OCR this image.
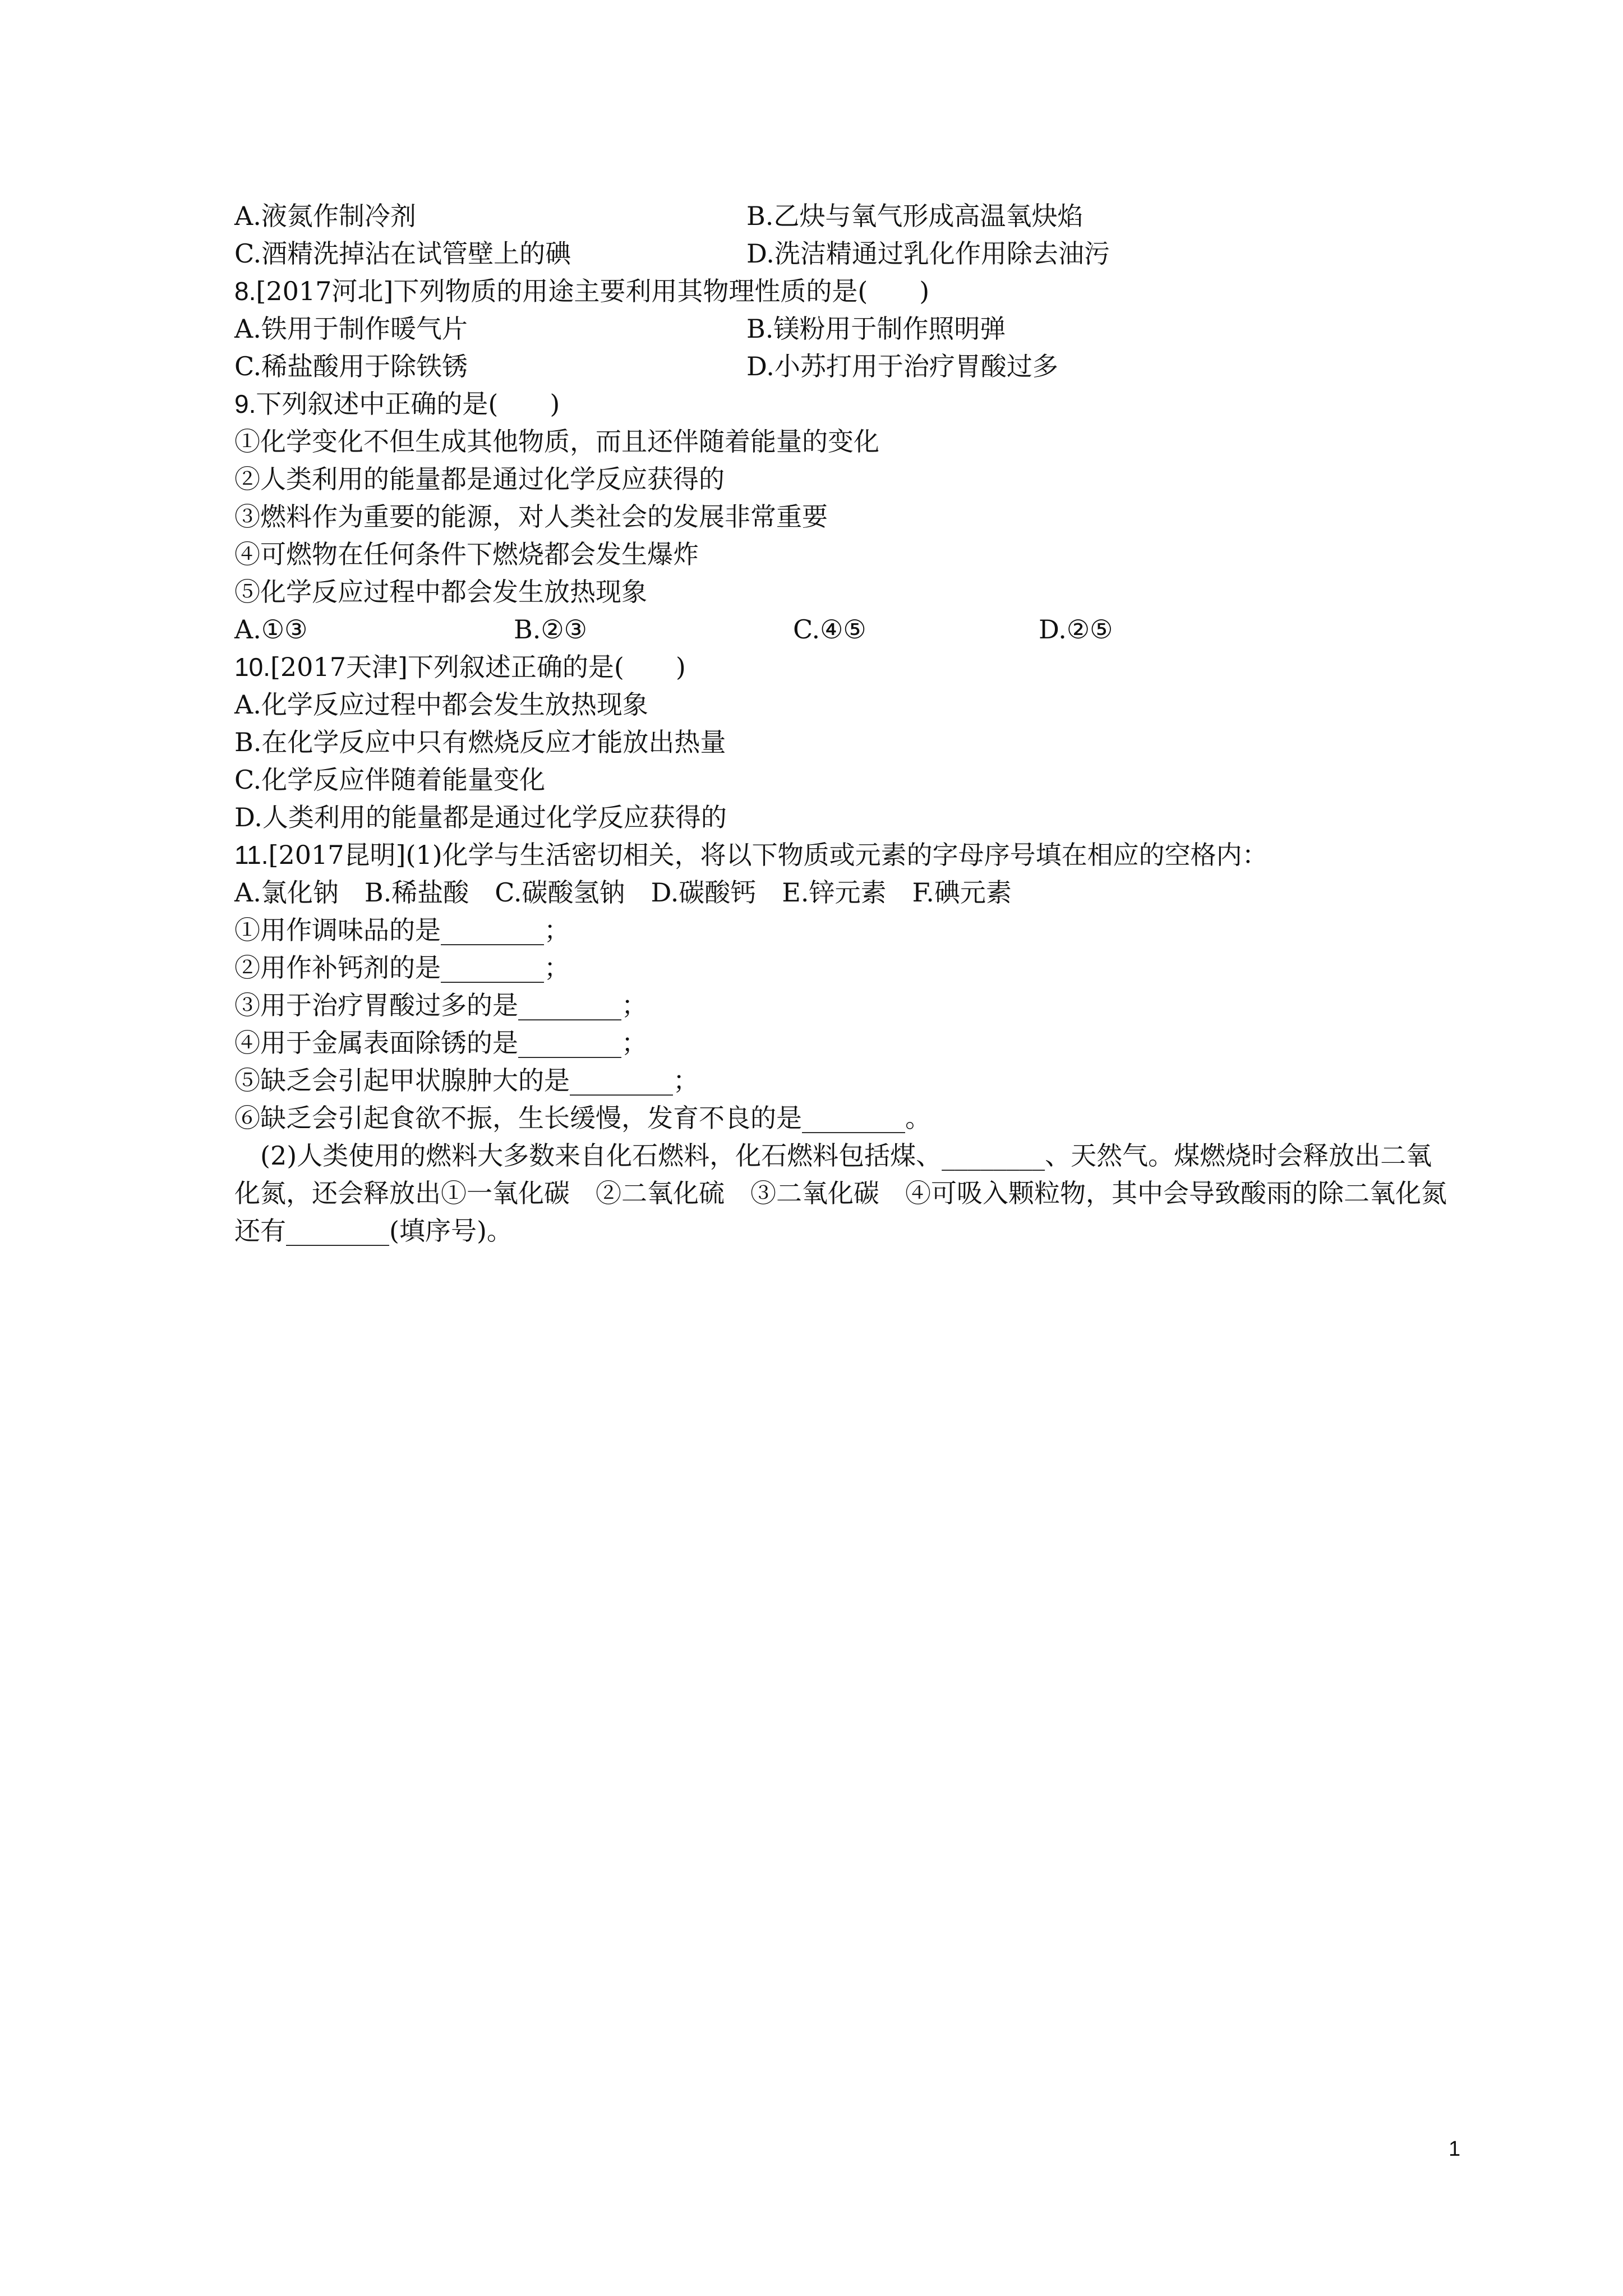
A.液氮作制冷剂	B.乙炔与氧气形成高温氧炔焰
C.酒精洗掉沾在试管壁上的碘	D.洗洁精通过乳化作用除去油污
8.[2017河北]下列物质的用途主要利用其物理性质的是(　　)
A.铁用于制作暖气片	B.镁粉用于制作照明弹
C.稀盐酸用于除铁锈	D.小苏打用于治疗胃酸过多
9.下列叙述中正确的是(　　)
①化学变化不但生成其他物质，而且还伴随着能量的变化
②人类利用的能量都是通过化学反应获得的
③燃料作为重要的能源，对人类社会的发展非常重要
④可燃物在任何条件下燃烧都会发生爆炸
⑤化学反应过程中都会发生放热现象
A.①③	B.②③	C.④⑤	D.②⑤
10.[2017天津]下列叙述正确的是(　　)
A.化学反应过程中都会发生放热现象
B.在化学反应中只有燃烧反应才能放出热量
C.化学反应伴随着能量变化
D.人类利用的能量都是通过化学反应获得的
11.[2017昆明](1)化学与生活密切相关，将以下物质或元素的字母序号填在相应的空格内：
A.氯化钠　B.稀盐酸　C.碳酸氢钠　D.碳酸钙　E.锌元素　F.碘元素
①用作调味品的是________；
②用作补钙剂的是________；
③用于治疗胃酸过多的是________；
④用于金属表面除锈的是________；
⑤缺乏会引起甲状腺肿大的是________；
⑥缺乏会引起食欲不振，生长缓慢，发育不良的是________。
(2)人类使用的燃料大多数来自化石燃料，化石燃料包括煤、________、天然气。煤燃烧时会释放出二氧化氮，还会释放出①一氧化碳　②二氧化硫　③二氧化碳　④可吸入颗粒物，其中会导致酸雨的除二氧化氮还有________(填序号)。
1
